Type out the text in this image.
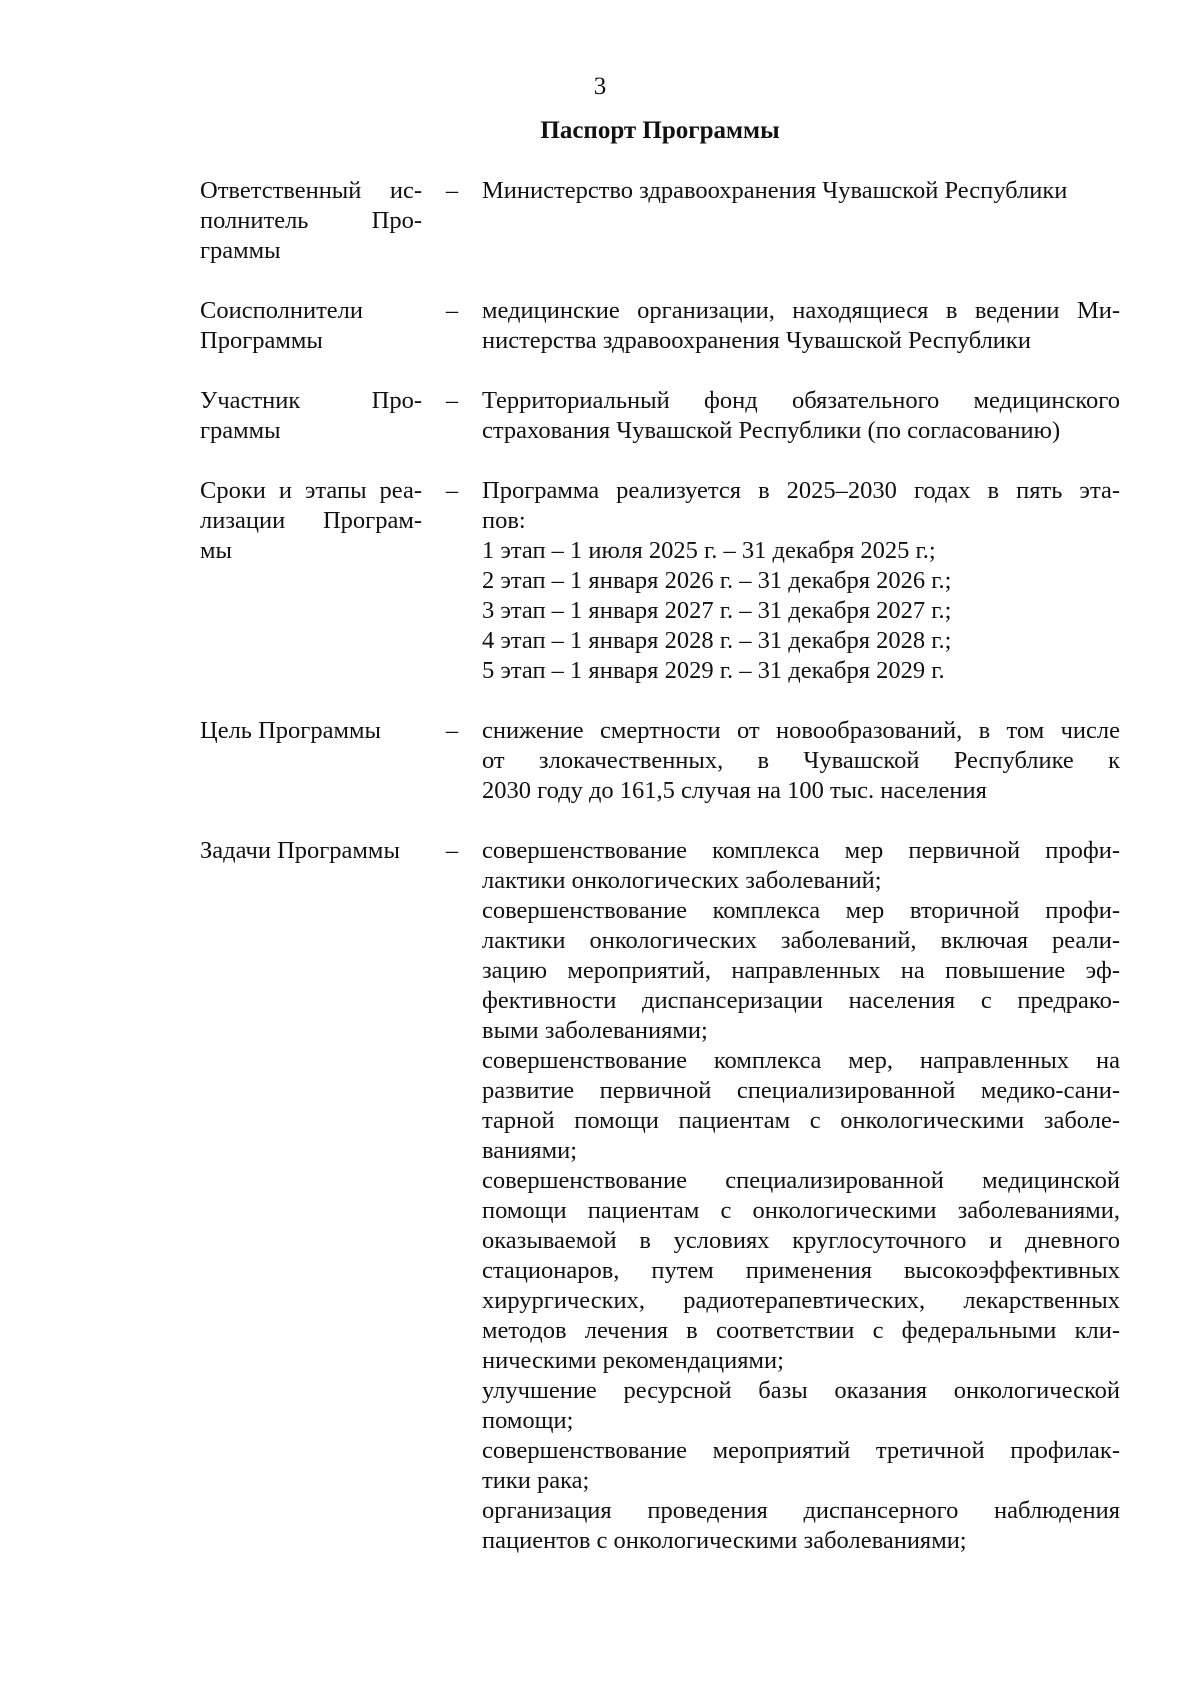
3
Паспорт Программы
Ответственный ис-
полнитель Про-
граммы
– Министерство здравоохранения Чувашской Республики
Соисполнители
Программы
– медицинские организации, находящиеся в ведении Ми-
нистерства здравоохранения Чувашской Республики
Участник Про-
граммы
– Территориальный фонд обязательного медицинского
страхования Чувашской Республики (по согласованию)
Сроки и этапы реа-
лизации Програм-
мы
– Программа реализуется в 2025–2030 годах в пять эта-
пов:
1 этап – 1 июля 2025 г. – 31 декабря 2025 г.;
2 этап – 1 января 2026 г. – 31 декабря 2026 г.;
3 этап – 1 января 2027 г. – 31 декабря 2027 г.;
4 этап – 1 января 2028 г. – 31 декабря 2028 г.;
5 этап – 1 января 2029 г. – 31 декабря 2029 г.
Цель Программы	– снижение смертности от новообразований, в том числе
от злокачественных, в Чувашской Республике к
2030 году до 161,5 случая на 100 тыс. населения
Задачи Программы	– совершенствование комплекса мер первичной профи-
лактики онкологических заболеваний;
совершенствование комплекса мер вторичной профи-
лактики онкологических заболеваний, включая реали-
зацию мероприятий, направленных на повышение эф-
фективности диспансеризации населения с предрако-
выми заболеваниями;
совершенствование комплекса мер, направленных на
развитие первичной специализированной медико-сани-
тарной помощи пациентам с онкологическими заболе-
ваниями;
совершенствование специализированной медицинской
помощи пациентам с онкологическими заболеваниями,
оказываемой в условиях круглосуточного и дневного
стационаров, путем применения высокоэффективных
хирургических, радиотерапевтических, лекарственных
методов лечения в соответствии с федеральными кли-
ническими рекомендациями;
улучшение ресурсной базы оказания онкологической
помощи;
совершенствование мероприятий третичной профилак-
тики рака;
организация проведения диспансерного наблюдения
пациентов с онкологическими заболеваниями;
